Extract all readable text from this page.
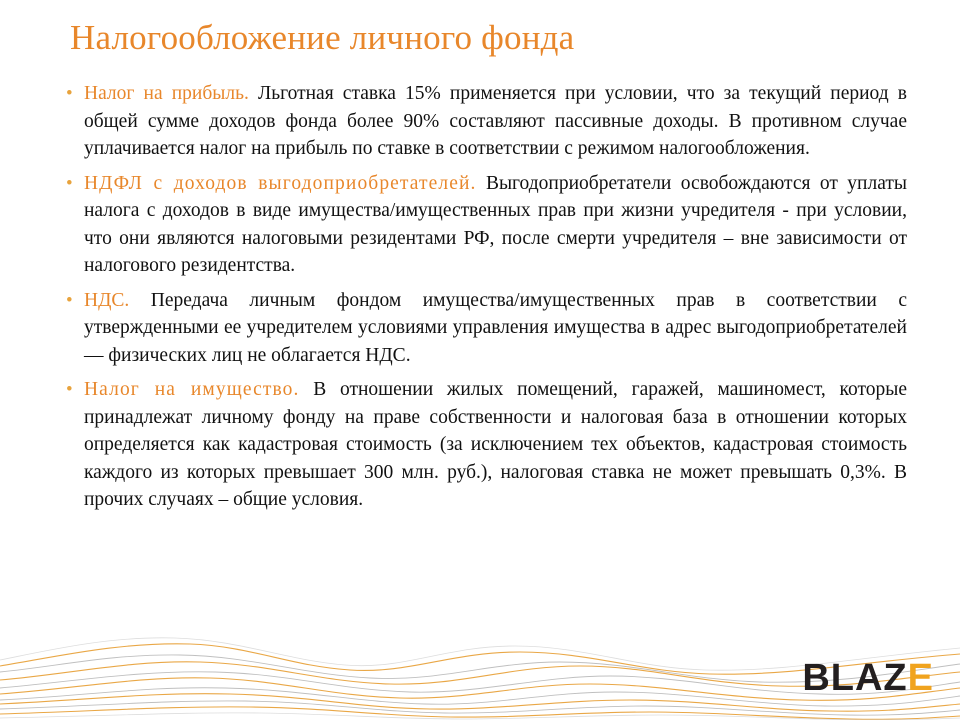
Налогообложение личного фонда
• Налог на прибыль. Льготная ставка 15% применяется при условии, что за текущий период в общей сумме доходов фонда более 90% составляют пассивные доходы. В противном случае уплачивается налог на прибыль по ставке в соответствии с режимом налогообложения.
• НДФЛ с доходов выгодоприобретателей. Выгодоприобретатели освобождаются от уплаты налога с доходов в виде имущества/имущественных прав при жизни учредителя - при условии, что они являются налоговыми резидентами РФ, после смерти учредителя – вне зависимости от налогового резидентства.
• НДС. Передача личным фондом имущества/имущественных прав в соответствии с утвержденными ее учредителем условиями управления имущества в адрес выгодоприобретателей — физических лиц не облагается НДС.
• Налог на имущество. В отношении жилых помещений, гаражей, машиномест, которые принадлежат личному фонду на праве собственности и налоговая база в отношении которых определяется как кадастровая стоимость (за исключением тех объектов, кадастровая стоимость каждого из которых превышает 300 млн. руб.), налоговая ставка не может превышать 0,3%. В прочих случаях – общие условия.
BLAZ E
